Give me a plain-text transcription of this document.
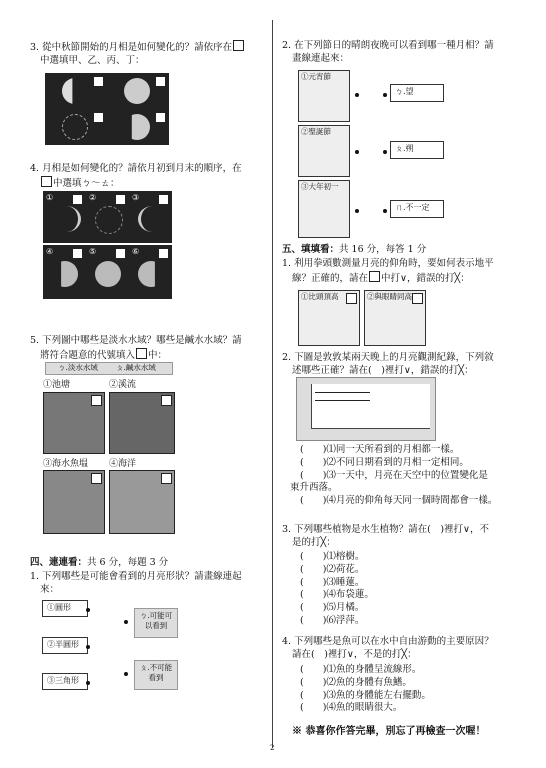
3. 從中秋節開始的月相是如何變化的？請依序在
中選填甲、乙、丙、丁：
4. 月相是如何變化的？請依月初到月末的順序，在
中選填ㄅ～ㄊ：
①	②	③
④	⑤	⑥
5. 下列圖中哪些是淡水水域？哪些是鹹水水域？請
將符合題意的代號填入 中：
ㄅ.淡水水域 ㄆ.鹹水水域
①池塘	②溪流
③海水魚塭 ④海洋
四、連連看：共 6 分，每題 3 分
1. 下列哪些是可能會看到的月亮形狀？請畫線連起
來：
①圓形
②半圓形
③三角形
ㄅ.可能可以看到
ㄆ.不可能看到
2. 在下列節日的晴朗夜晚可以看到哪一種月相？請
畫線連起來：
①元宵節
②聖誕節
③大年初一
ㄅ.望
ㄆ.朔
ㄇ.不一定
五、填填看：共 16 分，每答 1 分
1. 利用拳頭數測量月亮的仰角時，要如何表示地平
線？正確的，請在 中打∨，錯誤的打╳：
①比頭頂高	②與眼睛同高
2. 下圖是敦敦某兩天晚上的月亮觀測紀錄，下列敘
述哪些正確？請在(　)裡打∨，錯誤的打╳：
(　　)⑴同一天所看到的月相都一樣。
(　　)⑵不同日期看到的月相一定相同。
(　　)⑶一天中，月亮在天空中的位置變化是
東升西落。
(　　)⑷月亮的仰角每天同一個時間都會一樣。
3. 下列哪些植物是水生植物？請在(　)裡打∨，不
是的打╳：
(　　)⑴榕樹。
(　　)⑵荷花。
(　　)⑶睡蓮。
(　　)⑷布袋蓮。
(　　)⑸月橘。
(　　)⑹浮萍。
4. 下列哪些是魚可以在水中自由游動的主要原因？
請在(　)裡打∨，不是的打╳：
(　　)⑴魚的身體呈流線形。
(　　)⑵魚的身體有魚鰭。
(　　)⑶魚的身體能左右擺動。
(　　)⑷魚的眼睛很大。
※ 恭喜你作答完畢，別忘了再檢查一次喔！
2
